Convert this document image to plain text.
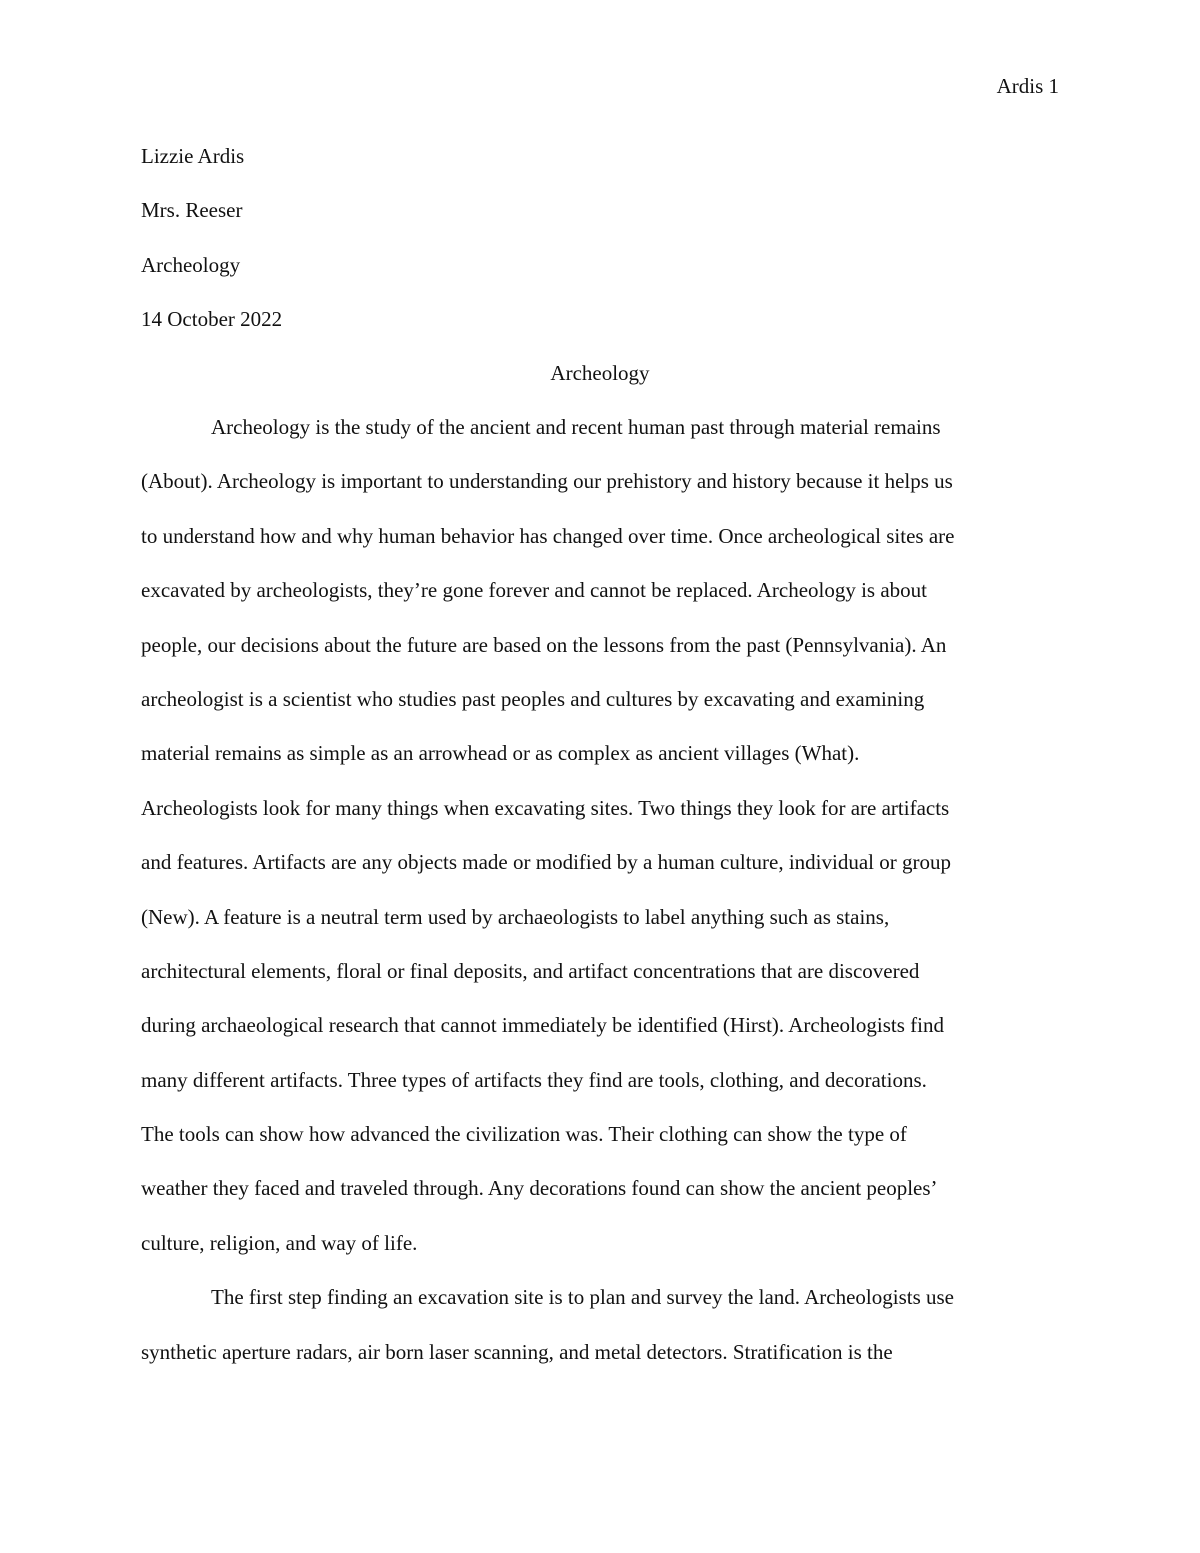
Ardis 1
Lizzie Ardis
Mrs. Reeser
Archeology
14 October 2022
Archeology
Archeology is the study of the ancient and recent human past through material remains
(About). Archeology is important to understanding our prehistory and history because it helps us
to understand how and why human behavior has changed over time. Once archeological sites are
excavated by archeologists, they’re gone forever and cannot be replaced. Archeology is about
people, our decisions about the future are based on the lessons from the past (Pennsylvania). An
archeologist is a scientist who studies past peoples and cultures by excavating and examining
material remains as simple as an arrowhead or as complex as ancient villages (What).
Archeologists look for many things when excavating sites. Two things they look for are artifacts
and features. Artifacts are any objects made or modified by a human culture, individual or group
(New). A feature is a neutral term used by archaeologists to label anything such as stains,
architectural elements, floral or final deposits, and artifact concentrations that are discovered
during archaeological research that cannot immediately be identified (Hirst). Archeologists find
many different artifacts. Three types of artifacts they find are tools, clothing, and decorations.
The tools can show how advanced the civilization was. Their clothing can show the type of
weather they faced and traveled through. Any decorations found can show the ancient peoples’
culture, religion, and way of life.
The first step finding an excavation site is to plan and survey the land. Archeologists use
synthetic aperture radars, air born laser scanning, and metal detectors. Stratification is the
